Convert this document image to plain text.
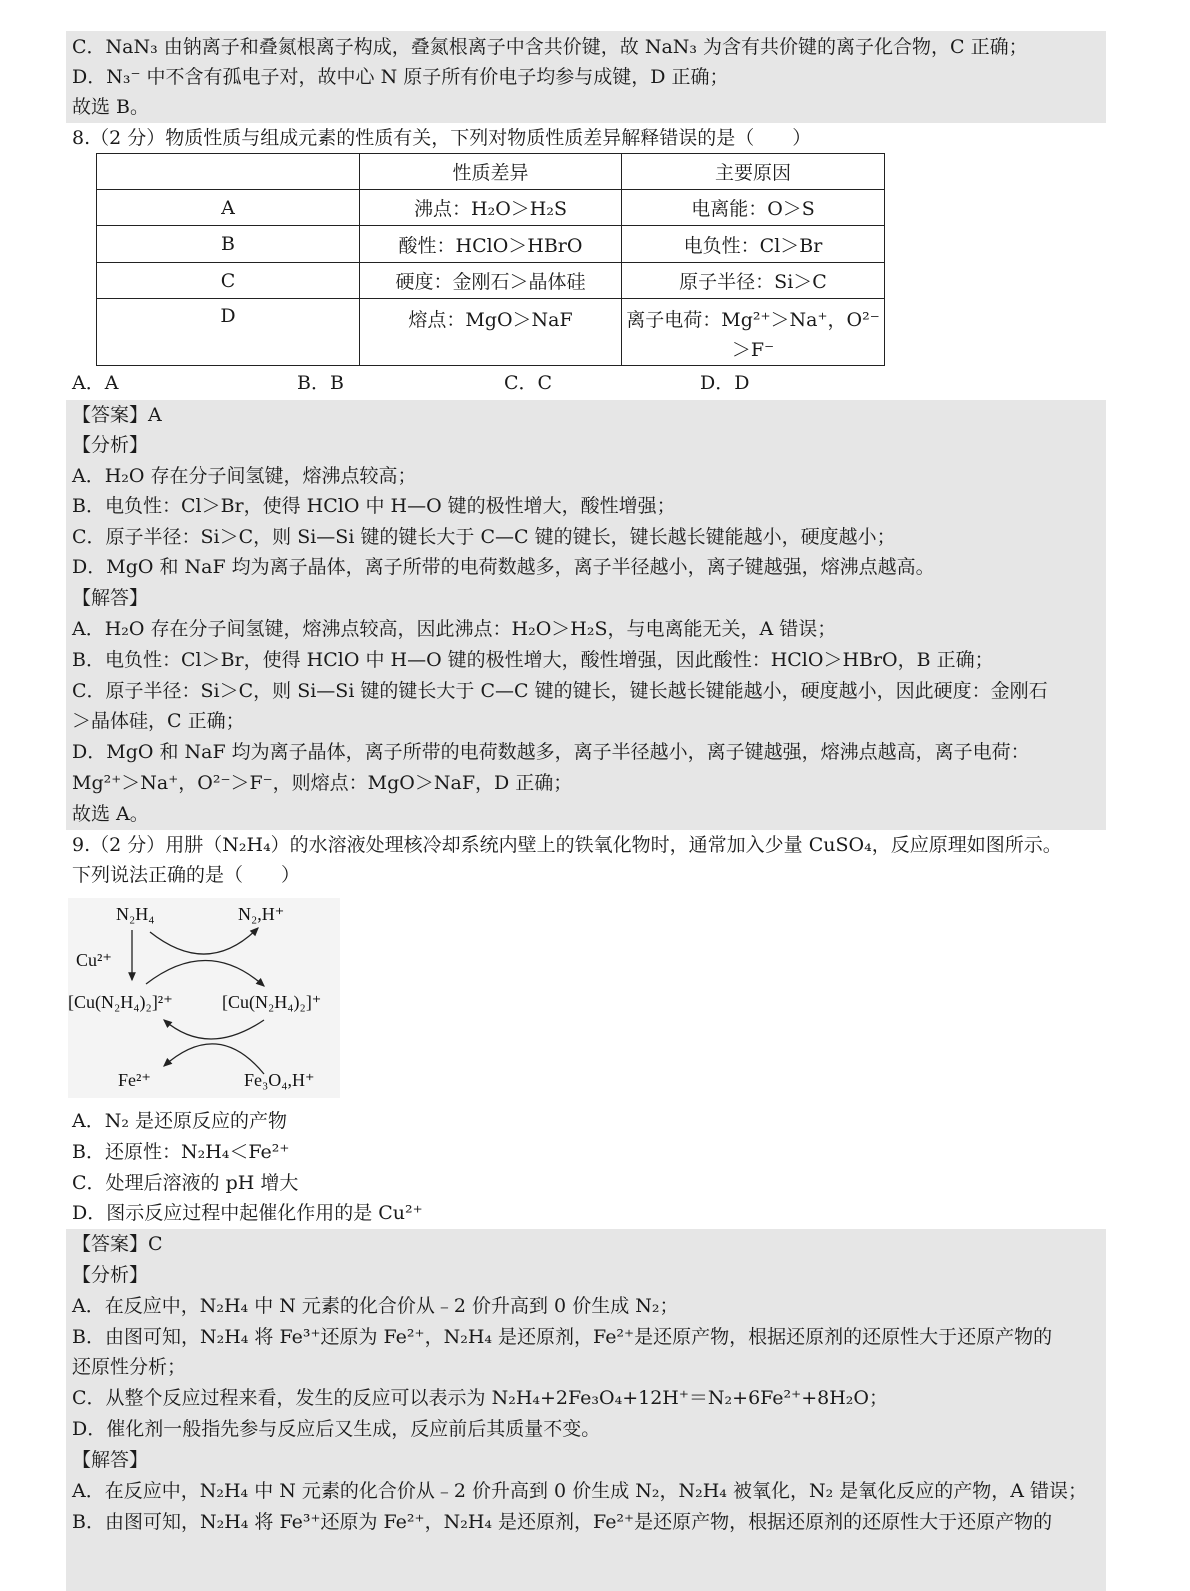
C．NaN₃ 由钠离子和叠氮根离子构成，叠氮根离子中含共价键，故 NaN₃ 为含有共价键的离子化合物，C 正确；
D．N₃⁻ 中不含有孤电子对，故中心 N 原子所有价电子均参与成键，D 正确；
故选 B。
8.（2 分）物质性质与组成元素的性质有关，下列对物质性质差异解释错误的是（　　）
	性质差异	主要原因
A	沸点：H₂O＞H₂S	电离能：O＞S
B	酸性：HClO＞HBrO	电负性：Cl＞Br
C	硬度：金刚石＞晶体硅	原子半径：Si＞C
D	熔点：MgO＞NaF	离子电荷：Mg²⁺＞Na⁺，O²⁻
＞F⁻
A．A	B．B	C．C	D．D
【答案】A
【分析】
A．H₂O 存在分子间氢键，熔沸点较高；
B．电负性：Cl＞Br，使得 HClO 中 H—O 键的极性增大，酸性增强；
C．原子半径：Si＞C，则 Si—Si 键的键长大于 C—C 键的键长，键长越长键能越小，硬度越小；
D．MgO 和 NaF 均为离子晶体，离子所带的电荷数越多，离子半径越小，离子键越强，熔沸点越高。
【解答】
A．H₂O 存在分子间氢键，熔沸点较高，因此沸点：H₂O＞H₂S，与电离能无关，A 错误；
B．电负性：Cl＞Br，使得 HClO 中 H—O 键的极性增大，酸性增强，因此酸性：HClO＞HBrO，B 正确；
C．原子半径：Si＞C，则 Si—Si 键的键长大于 C—C 键的键长，键长越长键能越小，硬度越小，因此硬度：金刚石
＞晶体硅，C 正确；
D．MgO 和 NaF 均为离子晶体，离子所带的电荷数越多，离子半径越小，离子键越强，熔沸点越高，离子电荷：
Mg²⁺＞Na⁺，O²⁻＞F⁻，则熔点：MgO＞NaF，D 正确；
故选 A。
9.（2 分）用肼（N₂H₄）的水溶液处理核冷却系统内壁上的铁氧化物时，通常加入少量 CuSO₄，反应原理如图所示。
下列说法正确的是（　　）
N₂H₄	N₂,H⁺
Cu²⁺
[Cu(N₂H₄)₂]²⁺	[Cu(N₂H₄)₂]⁺
Fe²⁺	Fe₃O₄,H⁺
A．N₂ 是还原反应的产物
B．还原性：N₂H₄＜Fe²⁺
C．处理后溶液的 pH 增大
D．图示反应过程中起催化作用的是 Cu²⁺
【答案】C
【分析】
A．在反应中，N₂H₄ 中 N 元素的化合价从﹣2 价升高到 0 价生成 N₂；
B．由图可知，N₂H₄ 将 Fe³⁺还原为 Fe²⁺，N₂H₄ 是还原剂，Fe²⁺是还原产物，根据还原剂的还原性大于还原产物的
还原性分析；
C．从整个反应过程来看，发生的反应可以表示为 N₂H₄+2Fe₃O₄+12H⁺＝N₂+6Fe²⁺+8H₂O；
D．催化剂一般指先参与反应后又生成，反应前后其质量不变。
【解答】
A．在反应中，N₂H₄ 中 N 元素的化合价从﹣2 价升高到 0 价生成 N₂，N₂H₄ 被氧化，N₂ 是氧化反应的产物，A 错误；
B．由图可知，N₂H₄ 将 Fe³⁺还原为 Fe²⁺，N₂H₄ 是还原剂，Fe²⁺是还原产物，根据还原剂的还原性大于还原产物的
